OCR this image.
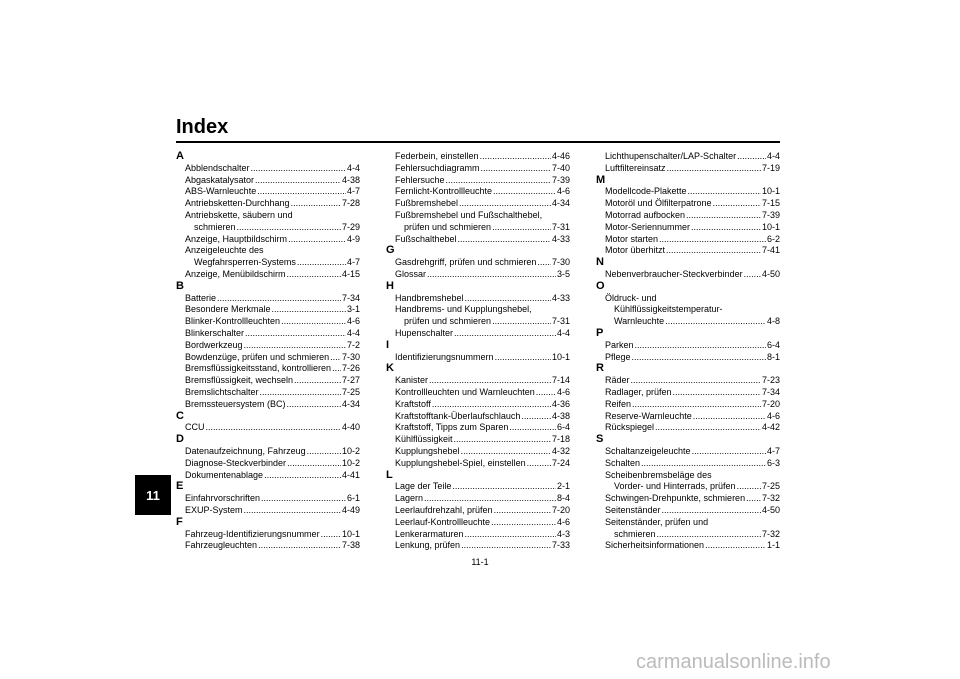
Index
11
A
Abblendschalter .....	4-4
Abgaskatalysator .....	4-38
ABS-Warnleuchte .....	4-7
Antriebsketten-Durchhang .....	7-28
Antriebskette, säubern und
schmieren .....	7-29
Anzeige, Hauptbildschirm .....	4-9
Anzeigeleuchte des
Wegfahrsperren-Systems .....	4-7
Anzeige, Menübildschirm .....	4-15
B
Batterie .....	7-34
Besondere Merkmale .....	3-1
Blinker-Kontrollleuchten .....	4-6
Blinkerschalter .....	4-4
Bordwerkzeug .....	7-2
Bowdenzüge, prüfen und schmieren ..... 7-30
Bremsflüssigkeitsstand, kontrollieren ..... 7-26
Bremsflüssigkeit, wechseln .....	7-27
Bremslichtschalter .....	7-25
Bremssteuersystem (BC) .....	4-34
C
CCU .....	4-40
D
Datenaufzeichnung, Fahrzeug .....	10-2
Diagnose-Steckverbinder .....	10-2
Dokumentenablage .....	4-41
E
Einfahrvorschriften .....	6-1
EXUP-System .....	4-49
F
Fahrzeug-Identifizierungsnummer ..... 10-1
Fahrzeugleuchten .....	7-38
Federbein, einstellen .....	4-46
Fehlersuchdiagramm .....	7-40
Fehlersuche .....	7-39
Fernlicht-Kontrollleuchte .....	4-6
Fußbremshebel .....	4-34
Fußbremshebel und Fußschalthebel,
prüfen und schmieren .....	7-31
Fußschalthebel .....	4-33
G
Gasdrehgriff, prüfen und schmieren ..... 7-30
Glossar .....	3-5
H
Handbremshebel .....	4-33
Handbrems- und Kupplungshebel,
prüfen und schmieren .....	7-31
Hupenschalter .....	4-4
I
Identifizierungsnummern .....	10-1
K
Kanister .....	7-14
Kontrollleuchten und Warnleuchten ..... 4-6
Kraftstoff .....	4-36
Kraftstofftank-Überlaufschlauch .....	4-38
Kraftstoff, Tipps zum Sparen .....	6-4
Kühlflüssigkeit .....	7-18
Kupplungshebel .....	4-32
Kupplungshebel-Spiel, einstellen .....	7-24
L
Lage der Teile .....	2-1
Lagern .....	8-4
Leerlaufdrehzahl, prüfen .....	7-20
Leerlauf-Kontrollleuchte .....	4-6
Lenkerarmaturen .....	4-3
Lenkung, prüfen .....	7-33
Lichthupenschalter/LAP-Schalter .....	4-4
Luftfiltereinsatz .....	7-19
M
Modellcode-Plakette .....	10-1
Motoröl und Ölfilterpatrone .....	7-15
Motorrad aufbocken .....	7-39
Motor-Seriennummer .....	10-1
Motor starten .....	6-2
Motor überhitzt .....	7-41
N
Nebenverbraucher-Steckverbinder ..... 4-50
O
Öldruck- und
Kühlflüssigkeitstemperatur-
Warnleuchte .....	4-8
P
Parken .....	6-4
Pflege .....	8-1
R
Räder .....	7-23
Radlager, prüfen .....	7-34
Reifen .....	7-20
Reserve-Warnleuchte .....	4-6
Rückspiegel .....	4-42
S
Schaltanzeigeleuchte .....	4-7
Schalten .....	6-3
Scheibenbremsbeläge des
Vorder- und Hinterrads, prüfen .....	7-25
Schwingen-Drehpunkte, schmieren ..... 7-32
Seitenständer .....	4-50
Seitenständer, prüfen und
schmieren .....	7-32
Sicherheitsinformationen .....	1-1
11-1
carmanualsonline.info
